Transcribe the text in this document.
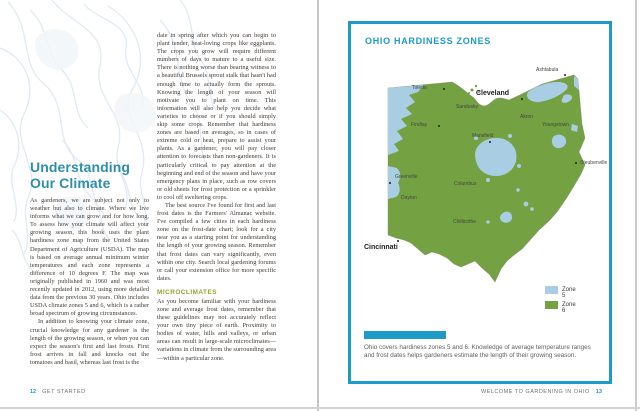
Understanding Our Climate

As gardeners, we are subject not only to weather but also to climate. Where we live informs what we can grow and for how long. To assess how your climate will affect your growing season, this book uses the plant hardiness zone map from the United States Department of Agriculture (USDA). The map is based on average annual minimum winter temperatures and each zone represents a difference of 10 degrees F. The map was originally published in 1960 and was most recently updated in 2012, using more detailed data from the previous 30 years. Ohio includes USDA climate zones 5 and 6, which is a rather broad spectrum of growing circumstances.

In addition to knowing your climate zone, crucial knowledge for any gardener is the length of the growing season, or when you can expect the season's first and last frosts. First frost arrives in fall and knocks out the tomatoes and basil, whereas last frost is the

date in spring after which you can begin to plant tender, heat-loving crops like eggplants. The crops you grow will require different numbers of days to mature to a useful size. There is nothing worse than bearing witness to a beautiful Brussels sprout stalk that hasn't had enough time to actually form the sprouts. Knowing the length of your season will motivate you to plant on time. This information will also help you decide what varieties to choose or if you should simply skip some crops. Remember that hardiness zones are based on averages, so in cases of extreme cold or heat, prepare to assist your plants. As a gardener, you will pay closer attention to forecasts than non-gardeners. It is particularly critical to pay attention at the beginning and end of the season and have your emergency plans in place, such as row covers or old sheets for frost protection or a sprinkler to cool off sweltering crops.

The best source I've found for first and last frost dates is the Farmers' Almanac website. I've compiled a few cities in each hardiness zone on the frost-date chart; look for a city near you as a starting point for understanding the length of your growing season. Remember that frost dates can vary significantly, even within one city. Search local gardening forums or call your extension office for more specific dates.

MICROCLIMATES

As you become familiar with your hardiness zone and average frost dates, remember that these guidelines may not accurately reflect your own tiny piece of earth. Proximity to bodies of water, hills and valleys, or urban areas can result in large-scale microclimates—variations in climate from the surrounding area—within a particular zone.

12 GET STARTED
OHIO HARDINESS ZONES
Toledo
Cleveland
Ashtabula
Sandusky
Findlay
Akron
Youngstown
Mansfield
Steubenville
Greenville
Columbus
Dayton
Chillicothe
Cincinnati
Zone 5
Zone 6
Ohio covers hardiness zones 5 and 6. Knowledge of average temperature ranges and frost dates helps gardeners estimate the length of their growing season.
WELCOME TO GARDENING IN OHIO 13
